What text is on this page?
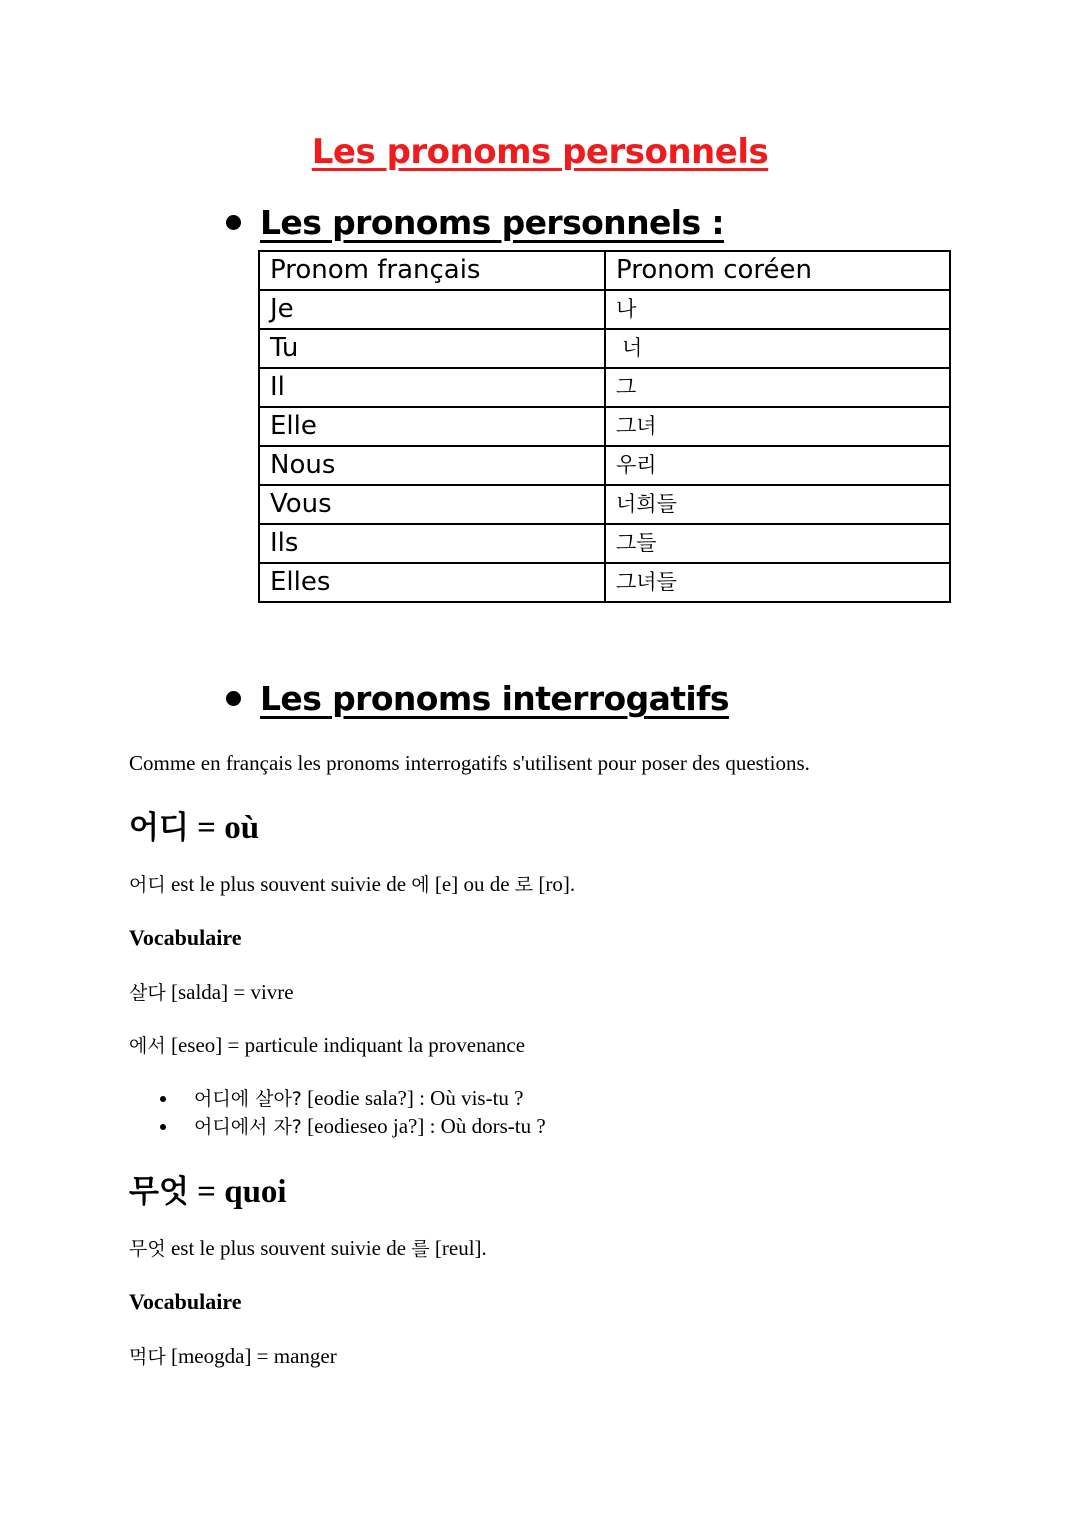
Les pronoms personnels
Les pronoms personnels :
Pronom français	Pronom coréen
Je	나
Tu	너
Il	그
Elle	그녀
Nous	우리
Vous	너희들
Ils	그들
Elles	그녀들
Les pronoms interrogatifs
Comme en français les pronoms interrogatifs s'utilisent pour poser des questions.
어디 = où
어디 est le plus souvent suivie de 에 [e] ou de 로 [ro].
Vocabulaire
살다 [salda] = vivre
에서 [eseo] = particule indiquant la provenance
어디에 살아? [eodie sala?] : Où vis-tu ?
어디에서 자? [eodieseo ja?] : Où dors-tu ?
무엇 = quoi
무엇 est le plus souvent suivie de 를 [reul].
Vocabulaire
먹다 [meogda] = manger
